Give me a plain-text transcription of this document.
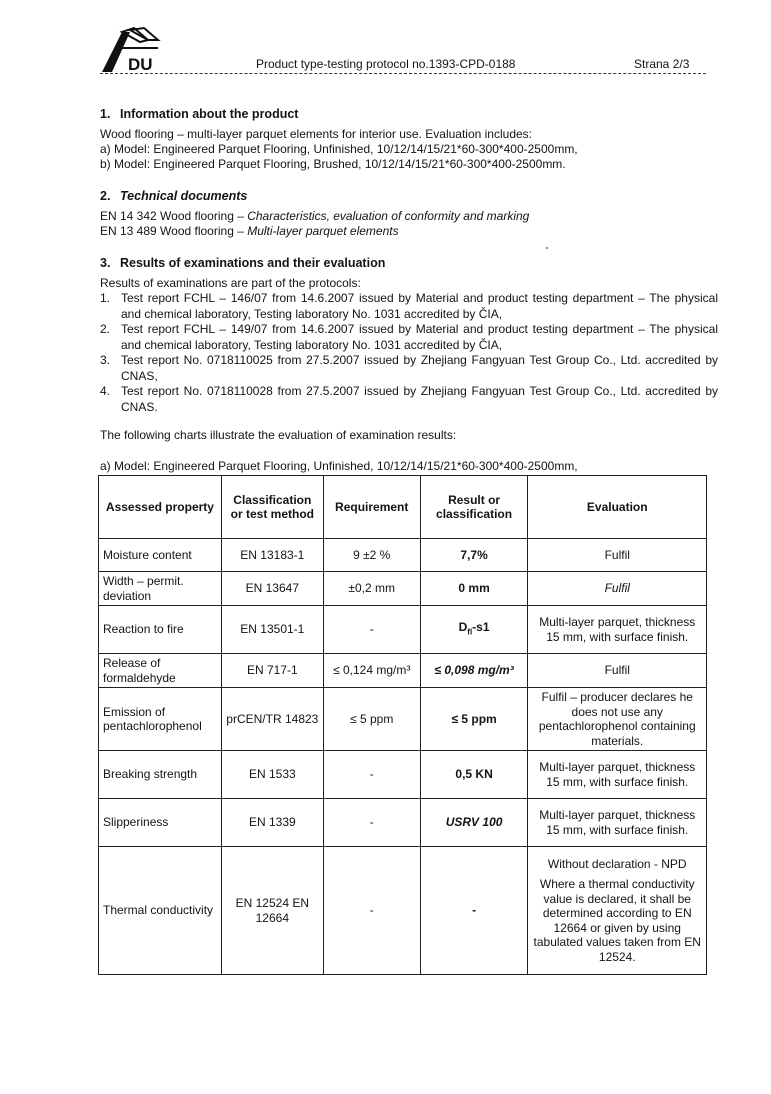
DU	Product type-testing protocol no.1393-CPD-0188	Strana 2/3
1. Information about the product
Wood flooring – multi-layer parquet elements for interior use. Evaluation includes:
a) Model: Engineered Parquet Flooring, Unfinished, 10/12/14/15/21*60-300*400-2500mm,
b) Model: Engineered Parquet Flooring, Brushed, 10/12/14/15/21*60-300*400-2500mm.
2. Technical documents
EN 14 342 Wood flooring – Characteristics, evaluation of conformity and marking
EN 13 489 Wood flooring – Multi-layer parquet elements
3. Results of examinations and their evaluation
Results of examinations are part of the protocols:
1. Test report FCHL – 146/07 from 14.6.2007 issued by Material and product testing department – The physical and chemical laboratory, Testing laboratory No. 1031 accredited by ČIA,
2. Test report FCHL – 149/07 from 14.6.2007 issued by Material and product testing department – The physical and chemical laboratory, Testing laboratory No. 1031 accredited by ČIA,
3. Test report No. 0718110025 from 27.5.2007 issued by Zhejiang Fangyuan Test Group Co., Ltd. accredited by CNAS,
4. Test report No. 0718110028 from 27.5.2007 issued by Zhejiang Fangyuan Test Group Co., Ltd. accredited by CNAS.
The following charts illustrate the evaluation of examination results:
a) Model: Engineered Parquet Flooring, Unfinished, 10/12/14/15/21*60-300*400-2500mm,
Assessed property	Classification or test method	Requirement	Result or classification	Evaluation
Moisture content	EN 13183-1	9 ±2 %	7,7%	Fulfil
Width – permit. deviation	EN 13647	±0,2 mm	0 mm	Fulfil
Reaction to fire	EN 13501-1	-	$D_{fl}-s1$	Multi-layer parquet, thickness 15 mm, with surface finish.
Release of formaldehyde	EN 717-1	≤ 0,124 mg/m³	≤ 0,098 mg/m³	Fulfil
Emission of pentachlorophenol	prCEN/TR 14823	≤ 5 ppm	≤ 5 ppm	Fulfil – producer declares he does not use any pentachlorophenol containing materials.
Breaking strength	EN 1533	-	0,5 KN	Multi-layer parquet, thickness 15 mm, with surface finish.
Slipperiness	EN 1339	-	USRV 100	Multi-layer parquet, thickness 15 mm, with surface finish.
Thermal conductivity	EN 12524 EN 12664	-	-	Without declaration - NPD

Where a thermal conductivity value is declared, it shall be determined according to EN 12664 or given by using tabulated values taken from EN 12524.
